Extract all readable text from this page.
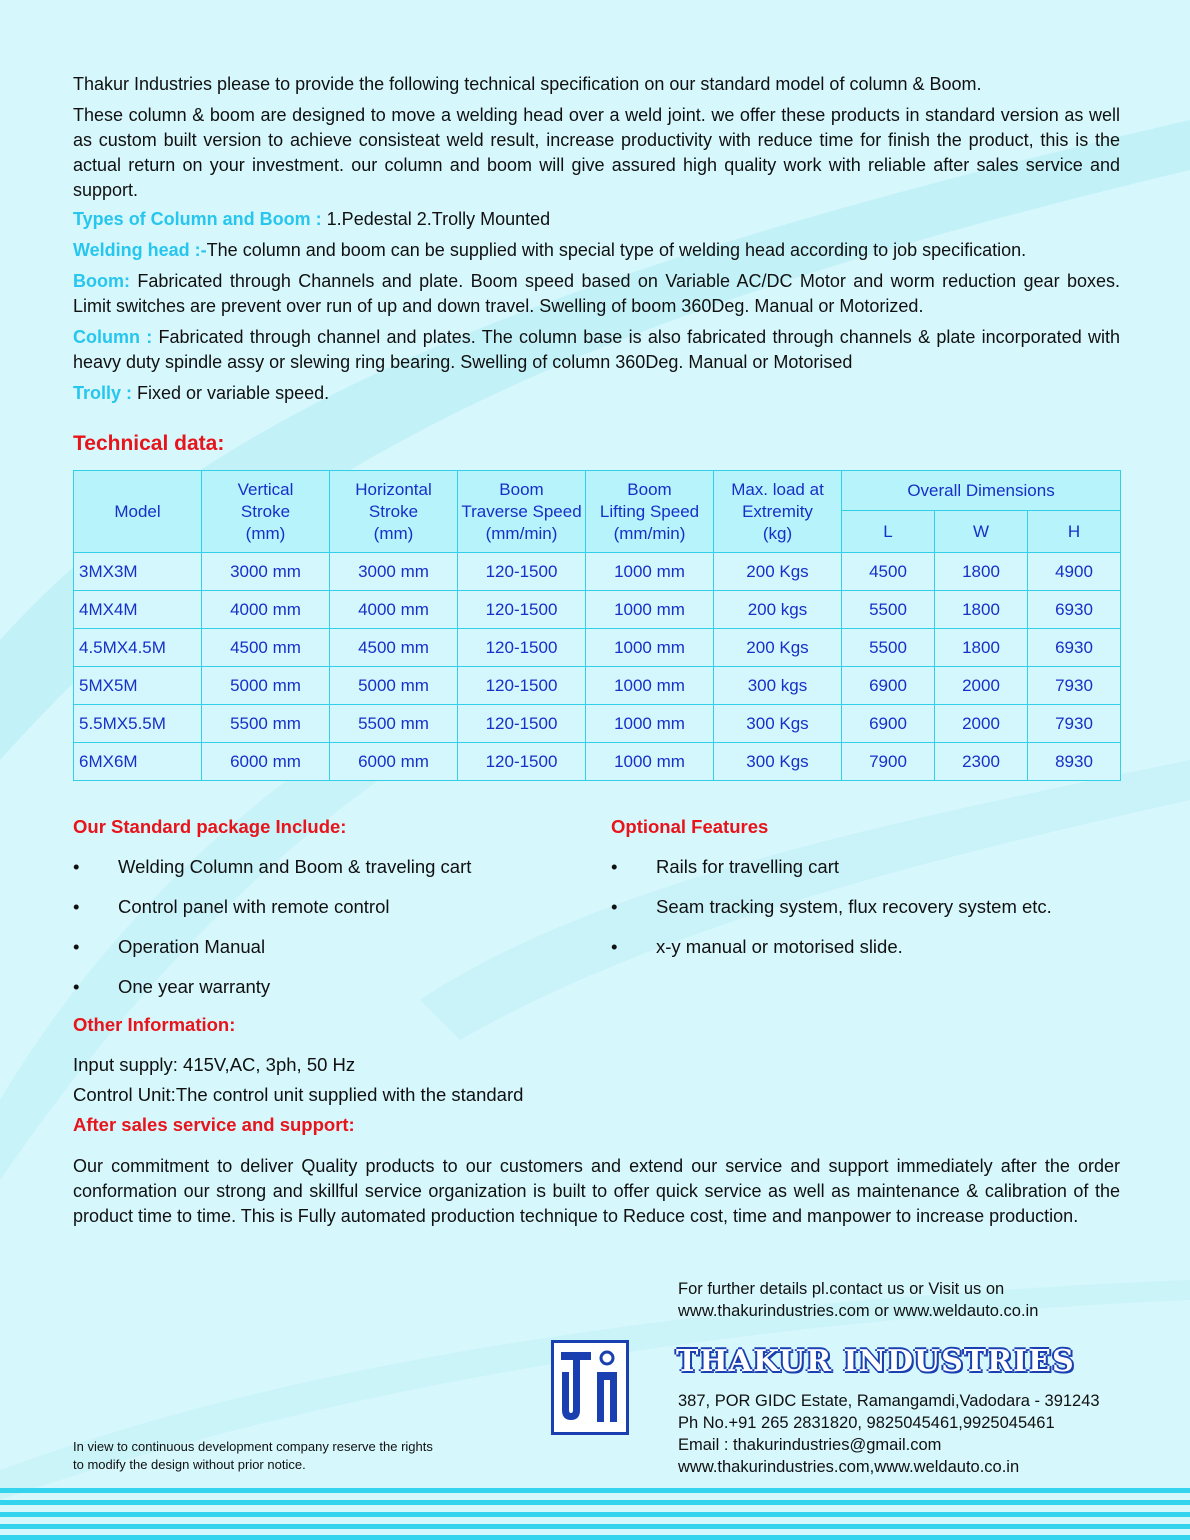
Thakur Industries please to provide the following technical specification on our standard model of column & Boom.

These column & boom are designed to move a welding head over a weld joint. we offer these products in standard version as well as custom built version to achieve consisteat weld result, increase productivity with reduce time for finish the product, this is the actual return on your investment. our column and boom will give assured high quality work with reliable after sales service and support.

Types of Column and Boom : 1.Pedestal 2.Trolly Mounted

Welding head :-The column and boom can be supplied with special type of welding head according to job specification.

Boom: Fabricated through Channels and plate. Boom speed based on Variable AC/DC Motor and worm reduction gear boxes. Limit switches are prevent over run of up and down travel. Swelling of boom 360Deg. Manual or Motorized.

Column : Fabricated through channel and plates. The column base is also fabricated through channels & plate incorporated with heavy duty spindle assy or slewing ring bearing. Swelling of column 360Deg. Manual or Motorised

Trolly : Fixed or variable speed.

Technical data:
Model	Vertical
Stroke
(mm)	Horizontal
Stroke
(mm)	Boom
Traverse Speed
(mm/min)	Boom
Lifting Speed
(mm/min)	Max. load at
Extremity
(kg)	Overall Dimensions		
						L	W	H
3MX3M	3000 mm	3000 mm	120-1500	1000 mm	200 Kgs	4500	1800	4900
4MX4M	4000 mm	4000 mm	120-1500	1000 mm	200 kgs	5500	1800	6930
4.5MX4.5M	4500 mm	4500 mm	120-1500	1000 mm	200 Kgs	5500	1800	6930
5MX5M	5000 mm	5000 mm	120-1500	1000 mm	300 kgs	6900	2000	7930
5.5MX5.5M	5500 mm	5500 mm	120-1500	1000 mm	300 Kgs	6900	2000	7930
6MX6M	6000 mm	6000 mm	120-1500	1000 mm	300 Kgs	7900	2300	8930
Our Standard package Include:
• Welding Column and Boom & traveling cart
• Control panel with remote control
• Operation Manual
• One year warranty
Optional Features
• Rails for travelling cart
• Seam tracking system, flux recovery system etc.
• x-y manual or motorised slide.
Other Information:
Input supply: 415V,AC, 3ph, 50 Hz
Control Unit:The control unit supplied with the standard
After sales service and support:

Our commitment to deliver Quality products to our customers and extend our service and support immediately after the order conformation our strong and skillful service organization is built to offer quick service as well as maintenance & calibration of the product time to time. This is Fully automated production technique to Reduce cost, time and manpower to increase production.

In view to continuous development company reserve the rights
to modify the design without prior notice.
For further details pl.contact us or Visit us on
www.thakurindustries.com or www.weldauto.co.in
THAKUR INDUSTRIES
387, POR GIDC Estate, Ramangamdi,Vadodara - 391243
Ph No.+91 265 2831820, 9825045461,9925045461
Email : thakurindustries@gmail.com
www.thakurindustries.com,www.weldauto.co.in
